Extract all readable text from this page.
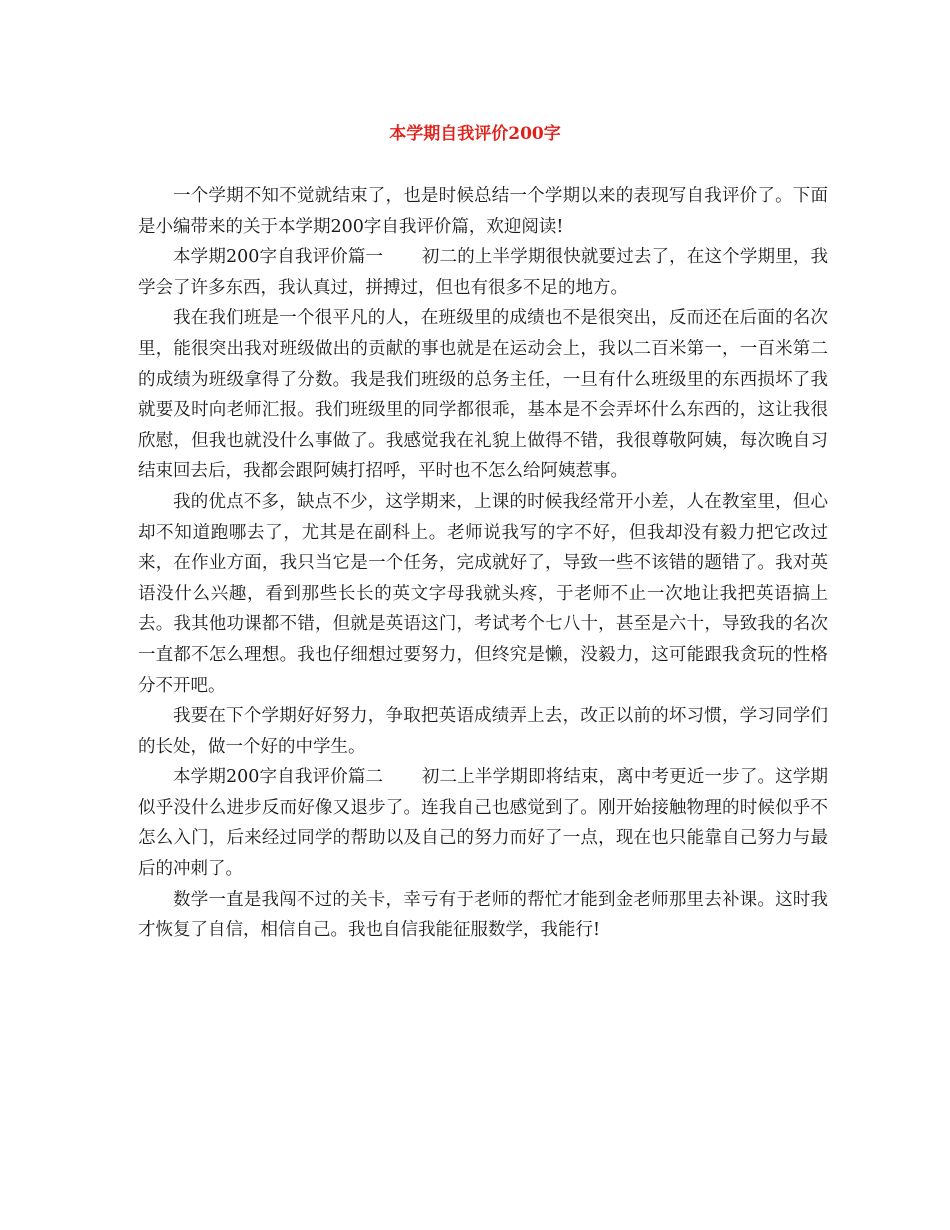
本学期自我评价200字

一个学期不知不觉就结束了，也是时候总结一个学期以来的表现写自我评价了。下面是小编带来的关于本学期200字自我评价篇，欢迎阅读!

本学期200字自我评价篇一 初二的上半学期很快就要过去了，在这个学期里，我学会了许多东西，我认真过，拼搏过，但也有很多不足的地方。

我在我们班是一个很平凡的人，在班级里的成绩也不是很突出，反而还在后面的名次里，能很突出我对班级做出的贡献的事也就是在运动会上，我以二百米第一，一百米第二的成绩为班级拿得了分数。我是我们班级的总务主任，一旦有什么班级里的东西损坏了我就要及时向老师汇报。我们班级里的同学都很乖，基本是不会弄坏什么东西的，这让我很欣慰，但我也就没什么事做了。我感觉我在礼貌上做得不错，我很尊敬阿姨，每次晚自习结束回去后，我都会跟阿姨打招呼，平时也不怎么给阿姨惹事。

我的优点不多，缺点不少，这学期来，上课的时候我经常开小差，人在教室里，但心却不知道跑哪去了，尤其是在副科上。老师说我写的字不好，但我却没有毅力把它改过来，在作业方面，我只当它是一个任务，完成就好了，导致一些不该错的题错了。我对英语没什么兴趣，看到那些长长的英文字母我就头疼，于老师不止一次地让我把英语搞上去。我其他功课都不错，但就是英语这门，考试考个七八十，甚至是六十，导致我的名次一直都不怎么理想。我也仔细想过要努力，但终究是懒，没毅力，这可能跟我贪玩的性格分不开吧。

我要在下个学期好好努力，争取把英语成绩弄上去，改正以前的坏习惯，学习同学们的长处，做一个好的中学生。

本学期200字自我评价篇二 初二上半学期即将结束，离中考更近一步了。这学期似乎没什么进步反而好像又退步了。连我自己也感觉到了。刚开始接触物理的时候似乎不怎么入门，后来经过同学的帮助以及自己的努力而好了一点，现在也只能靠自己努力与最后的冲刺了。

数学一直是我闯不过的关卡，幸亏有于老师的帮忙才能到金老师那里去补课。这时我才恢复了自信，相信自己。我也自信我能征服数学，我能行!
